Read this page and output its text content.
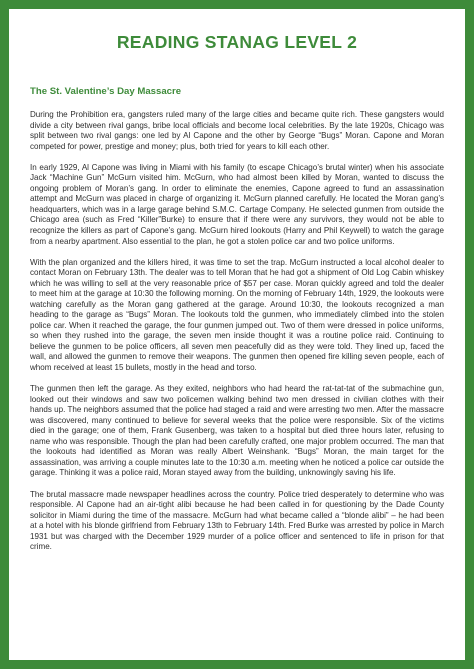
READING STANAG LEVEL 2
The St. Valentine’s Day Massacre

During the Prohibition era, gangsters ruled many of the large cities and became quite rich. These gangsters would divide a city between rival gangs, bribe local officials and become local celebrities. By the late 1920s, Chicago was split between two rival gangs: one led by Al Capone and the other by George “Bugs” Moran. Capone and Moran competed for power, prestige and money; plus, both tried for years to kill each other.

In early 1929, Al Capone was living in Miami with his family (to escape Chicago’s brutal winter) when his associate Jack “Machine Gun” McGurn visited him. McGurn, who had almost been killed by Moran, wanted to discuss the ongoing problem of Moran’s gang. In order to eliminate the enemies, Capone agreed to fund an assassination attempt and McGurn was placed in charge of organizing it. McGurn planned carefully. He located the Moran gang’s headquarters, which was in a large garage behind S.M.C. Cartage Company. He selected gunmen from outside the Chicago area (such as Fred “Killer”Burke) to ensure that if there were any survivors, they would not be able to recognize the killers as part of Capone’s gang. McGurn hired lookouts (Harry and Phil Keywell) to watch the garage from a nearby apartment. Also essential to the plan, he got a stolen police car and two police uniforms.

With the plan organized and the killers hired, it was time to set the trap. McGurn instructed a local alcohol dealer to contact Moran on February 13th. The dealer was to tell Moran that he had got a shipment of Old Log Cabin whiskey which he was willing to sell at the very reasonable price of $57 per case. Moran quickly agreed and told the dealer to meet him at the garage at 10:30 the following morning. On the morning of February 14th, 1929, the lookouts were watching carefully as the Moran gang gathered at the garage. Around 10:30, the lookouts recognized a man heading to the garage as “Bugs” Moran. The lookouts told the gunmen, who immediately climbed into the stolen police car. When it reached the garage, the four gunmen jumped out. Two of them were dressed in police uniforms, so when they rushed into the garage, the seven men inside thought it was a routine police raid. Continuing to believe the gunmen to be police officers, all seven men peacefully did as they were told. They lined up, faced the wall, and allowed the gunmen to remove their weapons. The gunmen then opened fire killing seven people, each of whom received at least 15 bullets, mostly in the head and torso.

The gunmen then left the garage. As they exited, neighbors who had heard the rat-tat-tat of the submachine gun, looked out their windows and saw two policemen walking behind two men dressed in civilian clothes with their hands up. The neighbors assumed that the police had staged a raid and were arresting two men. After the massacre was discovered, many continued to believe for several weeks that the police were responsible. Six of the victims died in the garage; one of them, Frank Gusenberg, was taken to a hospital but died three hours later, refusing to name who was responsible. Though the plan had been carefully crafted, one major problem occurred. The man that the lookouts had identified as Moran was really Albert Weinshank. “Bugs” Moran, the main target for the assassination, was arriving a couple minutes late to the 10:30 a.m. meeting when he noticed a police car outside the garage. Thinking it was a police raid, Moran stayed away from the building, unknowingly saving his life.

The brutal massacre made newspaper headlines across the country. Police tried desperately to determine who was responsible. Al Capone had an air-tight alibi because he had been called in for questioning by the Dade County solicitor in Miami during the time of the massacre. McGurn had what became called a “blonde alibi” – he had been at a hotel with his blonde girlfriend from February 13th to February 14th. Fred Burke was arrested by police in March 1931 but was charged with the December 1929 murder of a police officer and sentenced to life in prison for that crime.
